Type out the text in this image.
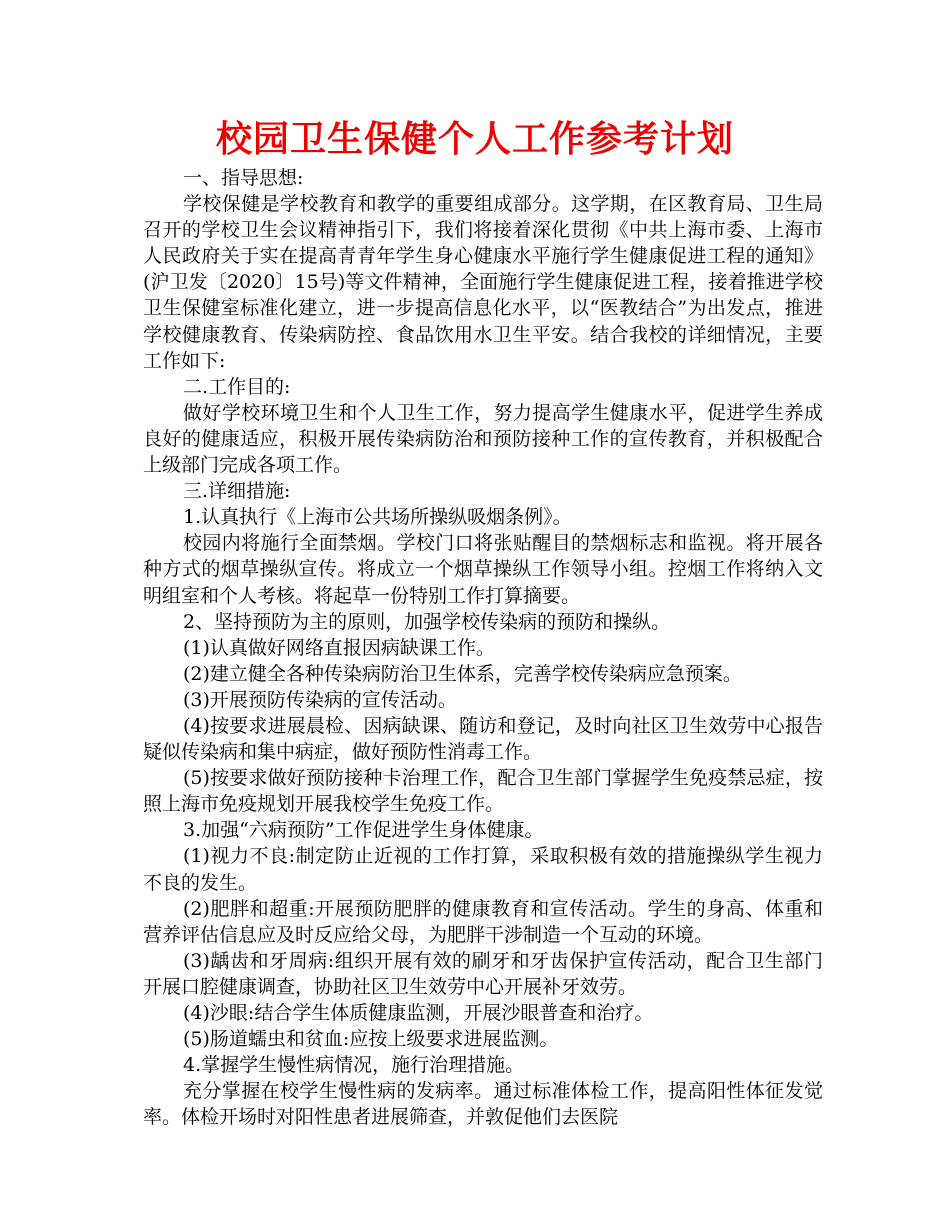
校园卫生保健个人工作参考计划

一、指导思想:

学校保健是学校教育和教学的重要组成部分。这学期，在区教育局、卫生局召开的学校卫生会议精神指引下，我们将接着深化贯彻《中共上海市委、上海市人民政府关于实在提高青青年学生身心健康水平施行学生健康促进工程的通知》(沪卫发〔2020〕15号)等文件精神，全面施行学生健康促进工程，接着推进学校卫生保健室标准化建立，进一步提高信息化水平，以“医教结合”为出发点，推进学校健康教育、传染病防控、食品饮用水卫生平安。结合我校的详细情况，主要工作如下:

二.工作目的:

做好学校环境卫生和个人卫生工作，努力提高学生健康水平，促进学生养成良好的健康适应，积极开展传染病防治和预防接种工作的宣传教育，并积极配合上级部门完成各项工作。

三.详细措施:

1.认真执行《上海市公共场所操纵吸烟条例》。

校园内将施行全面禁烟。学校门口将张贴醒目的禁烟标志和监视。将开展各种方式的烟草操纵宣传。将成立一个烟草操纵工作领导小组。控烟工作将纳入文明组室和个人考核。将起草一份特别工作打算摘要。

2、坚持预防为主的原则，加强学校传染病的预防和操纵。

(1)认真做好网络直报因病缺课工作。

(2)建立健全各种传染病防治卫生体系，完善学校传染病应急预案。

(3)开展预防传染病的宣传活动。

(4)按要求进展晨检、因病缺课、随访和登记，及时向社区卫生效劳中心报告疑似传染病和集中病症，做好预防性消毒工作。

(5)按要求做好预防接种卡治理工作，配合卫生部门掌握学生免疫禁忌症，按照上海市免疫规划开展我校学生免疫工作。

3.加强“六病预防”工作促进学生身体健康。

(1)视力不良:制定防止近视的工作打算，采取积极有效的措施操纵学生视力不良的发生。

(2)肥胖和超重:开展预防肥胖的健康教育和宣传活动。学生的身高、体重和营养评估信息应及时反应给父母，为肥胖干涉制造一个互动的环境。

(3)龋齿和牙周病:组织开展有效的刷牙和牙齿保护宣传活动，配合卫生部门开展口腔健康调查，协助社区卫生效劳中心开展补牙效劳。

(4)沙眼:结合学生体质健康监测，开展沙眼普查和治疗。

(5)肠道蠕虫和贫血:应按上级要求进展监测。

4.掌握学生慢性病情况，施行治理措施。

充分掌握在校学生慢性病的发病率。通过标准体检工作，提高阳性体征发觉率。体检开场时对阳性患者进展筛查，并敦促他们去医院
